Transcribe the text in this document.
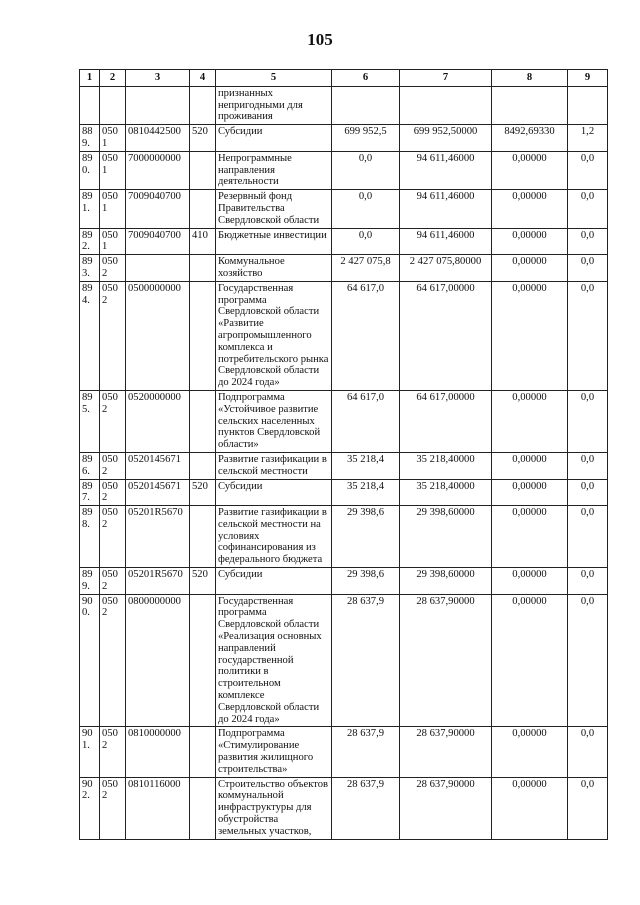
105
1	2	3	4	5	6	7	8	9
				признанных непригодными для проживания				
889.	0501	0810442500	520	Субсидии	699 952,5	699 952,50000	8492,69330	1,2
890.	0501	7000000000		Непрограммные направления деятельности	0,0	94 611,46000	0,00000	0,0
891.	0501	7009040700		Резервный фонд Правительства Свердловской области	0,0	94 611,46000	0,00000	0,0
892.	0501	7009040700	410	Бюджетные инвестиции	0,0	94 611,46000	0,00000	0,0
893.	0502			Коммунальное хозяйство	2 427 075,8	2 427 075,80000	0,00000	0,0
894.	0502	0500000000		Государственная программа Свердловской области «Развитие агропромышленного комплекса и потребительского рынка Свердловской области до 2024 года»	64 617,0	64 617,00000	0,00000	0,0
895.	0502	0520000000		Подпрограмма «Устойчивое развитие сельских населенных пунктов Свердловской области»	64 617,0	64 617,00000	0,00000	0,0
896.	0502	0520145671		Развитие газификации в сельской местности	35 218,4	35 218,40000	0,00000	0,0
897.	0502	0520145671	520	Субсидии	35 218,4	35 218,40000	0,00000	0,0
898.	0502	05201R5670		Развитие газификации в сельской местности на условиях софинансирования из федерального бюджета	29 398,6	29 398,60000	0,00000	0,0
899.	0502	05201R5670	520	Субсидии	29 398,6	29 398,60000	0,00000	0,0
900.	0502	0800000000		Государственная программа Свердловской области «Реализация основных направлений государственной политики в строительном комплексе Свердловской области до 2024 года»	28 637,9	28 637,90000	0,00000	0,0
901.	0502	0810000000		Подпрограмма «Стимулирование развития жилищного строительства»	28 637,9	28 637,90000	0,00000	0,0
902.	0502	0810116000		Строительство объектов коммунальной инфраструктуры для обустройства земельных участков,	28 637,9	28 637,90000	0,00000	0,0
